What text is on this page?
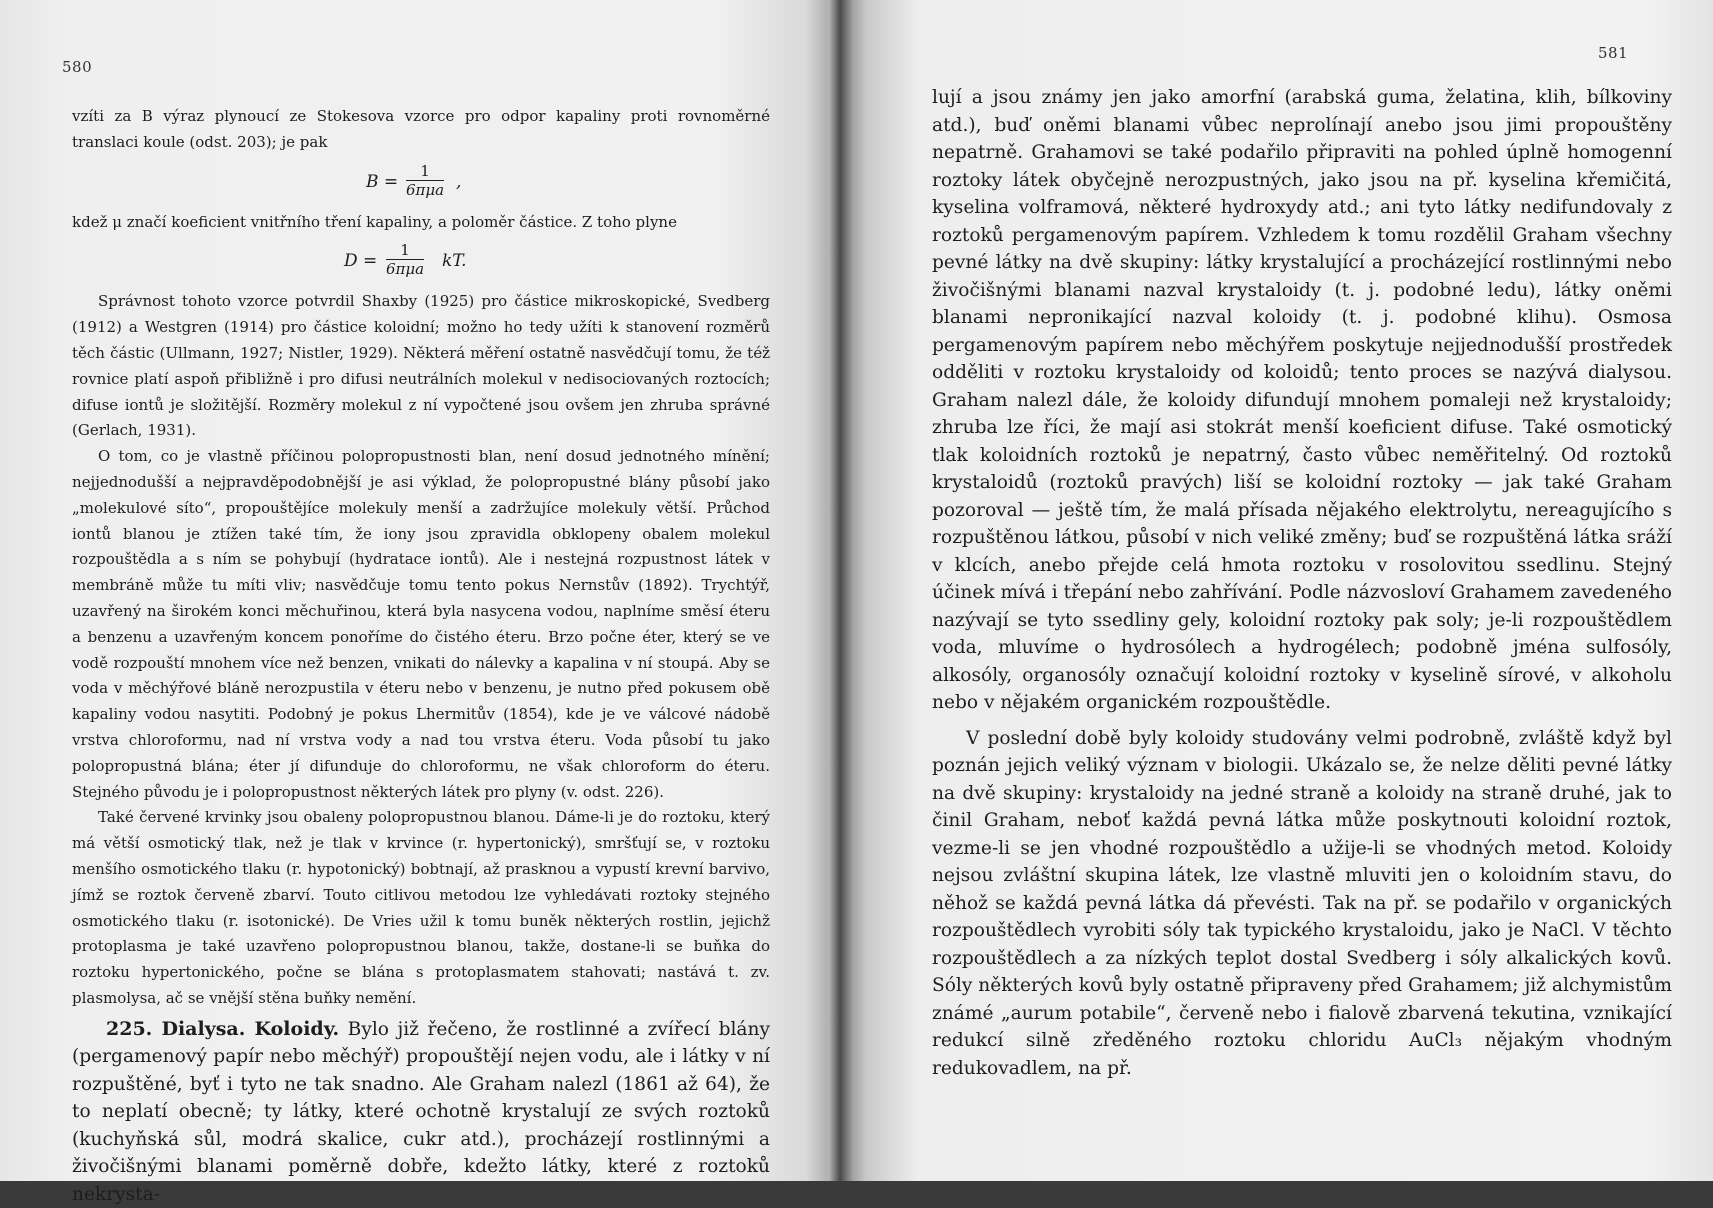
580

vzíti za B výraz plynoucí ze Stokesova vzorce pro odpor kapaliny proti rovnoměrné translaci koule (odst. 203); je pak

B =
1
6πμa ,

kdež μ značí koeficient vnitřního tření kapaliny, a poloměr částice. Z toho plyne

D =
1
6πμa kT.

Správnost tohoto vzorce potvrdil Shaxby (1925) pro částice mikroskopické, Svedberg (1912) a Westgren (1914) pro částice koloidní; možno ho tedy užíti k stanovení rozměrů těch částic (Ullmann, 1927; Nistler, 1929). Některá měření ostatně nasvědčují tomu, že též rovnice platí aspoň přibližně i pro difusi neutrálních molekul v nedisociovaných roztocích; difuse iontů je složitější. Rozměry molekul z ní vypočtené jsou ovšem jen zhruba správné (Gerlach, 1931).

O tom, co je vlastně příčinou polopropustnosti blan, není dosud jednotného mínění; nejjednodušší a nejpravděpodobnější je asi výklad, že polopropustné blány působí jako „molekulové síto“, propouštějíce molekuly menší a zadržujíce molekuly větší. Průchod iontů blanou je ztížen také tím, že iony jsou zpravidla obklopeny obalem molekul rozpouštědla a s ním se pohybují (hydratace iontů). Ale i nestejná rozpustnost látek v membráně může tu míti vliv; nasvědčuje tomu tento pokus Nernstův (1892). Trychtýř, uzavřený na širokém konci měchuřinou, která byla nasycena vodou, naplníme směsí éteru a benzenu a uzavřeným koncem ponoříme do čistého éteru. Brzo počne éter, který se ve vodě rozpouští mnohem více než benzen, vnikati do nálevky a kapalina v ní stoupá. Aby se voda v měchýřové bláně nerozpustila v éteru nebo v benzenu, je nutno před pokusem obě kapaliny vodou nasytiti. Podobný je pokus Lhermitův (1854), kde je ve válcové nádobě vrstva chloroformu, nad ní vrstva vody a nad tou vrstva éteru. Voda působí tu jako polopropustná blána; éter jí difunduje do chloroformu, ne však chloroform do éteru. Stejného původu je i polopropustnost některých látek pro plyny (v. odst. 226).

Také červené krvinky jsou obaleny polopropustnou blanou. Dáme-li je do roztoku, který má větší osmotický tlak, než je tlak v krvince (r. hypertonický), smršťují se, v roztoku menšího osmotického tlaku (r. hypotonický) bobtnají, až prasknou a vypustí krevní barvivo, jímž se roztok červeně zbarví. Touto citlivou metodou lze vyhledávati roztoky stejného osmotického tlaku (r. isotonické). De Vries užil k tomu buněk některých rostlin, jejichž protoplasma je také uzavřeno polopropustnou blanou, takže, dostane-li se buňka do roztoku hypertonického, počne se blána s protoplasmatem stahovati; nastává t. zv. plasmolysa, ač se vnější stěna buňky nemění.

225. Dialysa. Koloidy. Bylo již řečeno, že rostlinné a zvířecí blány (pergamenový papír nebo měchýř) propouštějí nejen vodu, ale i látky v ní rozpuštěné, byť i tyto ne tak snadno. Ale Graham nalezl (1861 až 64), že to neplatí obecně; ty látky, které ochotně krystalují ze svých roztoků (kuchyňská sůl, modrá skalice, cukr atd.), procházejí rostlinnými a živočišnými blanami poměrně dobře, kdežto látky, které z roztoků nekrysta-

581

lují a jsou známy jen jako amorfní (arabská guma, želatina, klih, bílkoviny atd.), buď oněmi blanami vůbec neprolínají anebo jsou jimi propouštěny nepatrně. Grahamovi se také podařilo připraviti na pohled úplně homogenní roztoky látek obyčejně nerozpustných, jako jsou na př. kyselina křemičitá, kyselina volframová, některé hydroxydy atd.; ani tyto látky nedifundovaly z roztoků pergamenovým papírem. Vzhledem k tomu rozdělil Graham všechny pevné látky na dvě skupiny: látky krystalující a procházející rostlinnými nebo živočišnými blanami nazval krystaloidy (t. j. podobné ledu), látky oněmi blanami nepronikající nazval koloidy (t. j. podobné klihu). Osmosa pergamenovým papírem nebo měchýřem poskytuje nejjednodušší prostředek odděliti v roztoku krystaloidy od koloidů; tento proces se nazývá dialysou. Graham nalezl dále, že koloidy difundují mnohem pomaleji než krystaloidy; zhruba lze říci, že mají asi stokrát menší koeficient difuse. Také osmotický tlak koloidních roztoků je nepatrný, často vůbec neměřitelný. Od roztoků krystaloidů (roztoků pravých) liší se koloidní roztoky — jak také Graham pozoroval — ještě tím, že malá přísada nějakého elektrolytu, nereagujícího s rozpuštěnou látkou, působí v nich veliké změny; buď se rozpuštěná látka sráží v klcích, anebo přejde celá hmota roztoku v rosolovitou ssedlinu. Stejný účinek mívá i třepání nebo zahřívání. Podle názvosloví Grahamem zavedeného nazývají se tyto ssedliny gely, koloidní roztoky pak soly; je-li rozpouštědlem voda, mluvíme o hydrosólech a hydrogélech; podobně jména sulfosóly, alkosóly, organosóly označují koloidní roztoky v kyselině sírové, v alkoholu nebo v nějakém organickém rozpouštědle.

V poslední době byly koloidy studovány velmi podrobně, zvláště když byl poznán jejich veliký význam v biologii. Ukázalo se, že nelze děliti pevné látky na dvě skupiny: krystaloidy na jedné straně a koloidy na straně druhé, jak to činil Graham, neboť každá pevná látka může poskytnouti koloidní roztok, vezme-li se jen vhodné rozpouštědlo a užije-li se vhodných metod. Koloidy nejsou zvláštní skupina látek, lze vlastně mluviti jen o koloidním stavu, do něhož se každá pevná látka dá převésti. Tak na př. se podařilo v organických rozpouštědlech vyrobiti sóly tak typického krystaloidu, jako je NaCl. V těchto rozpouštědlech a za nízkých teplot dostal Svedberg i sóly alkalických kovů. Sóly některých kovů byly ostatně připraveny před Grahamem; již alchymistům známé „aurum potabile“, červeně nebo i fialově zbarvená tekutina, vznikající redukcí silně zředěného roztoku chloridu AuCl₃ nějakým vhodným redukovadlem, na př.
